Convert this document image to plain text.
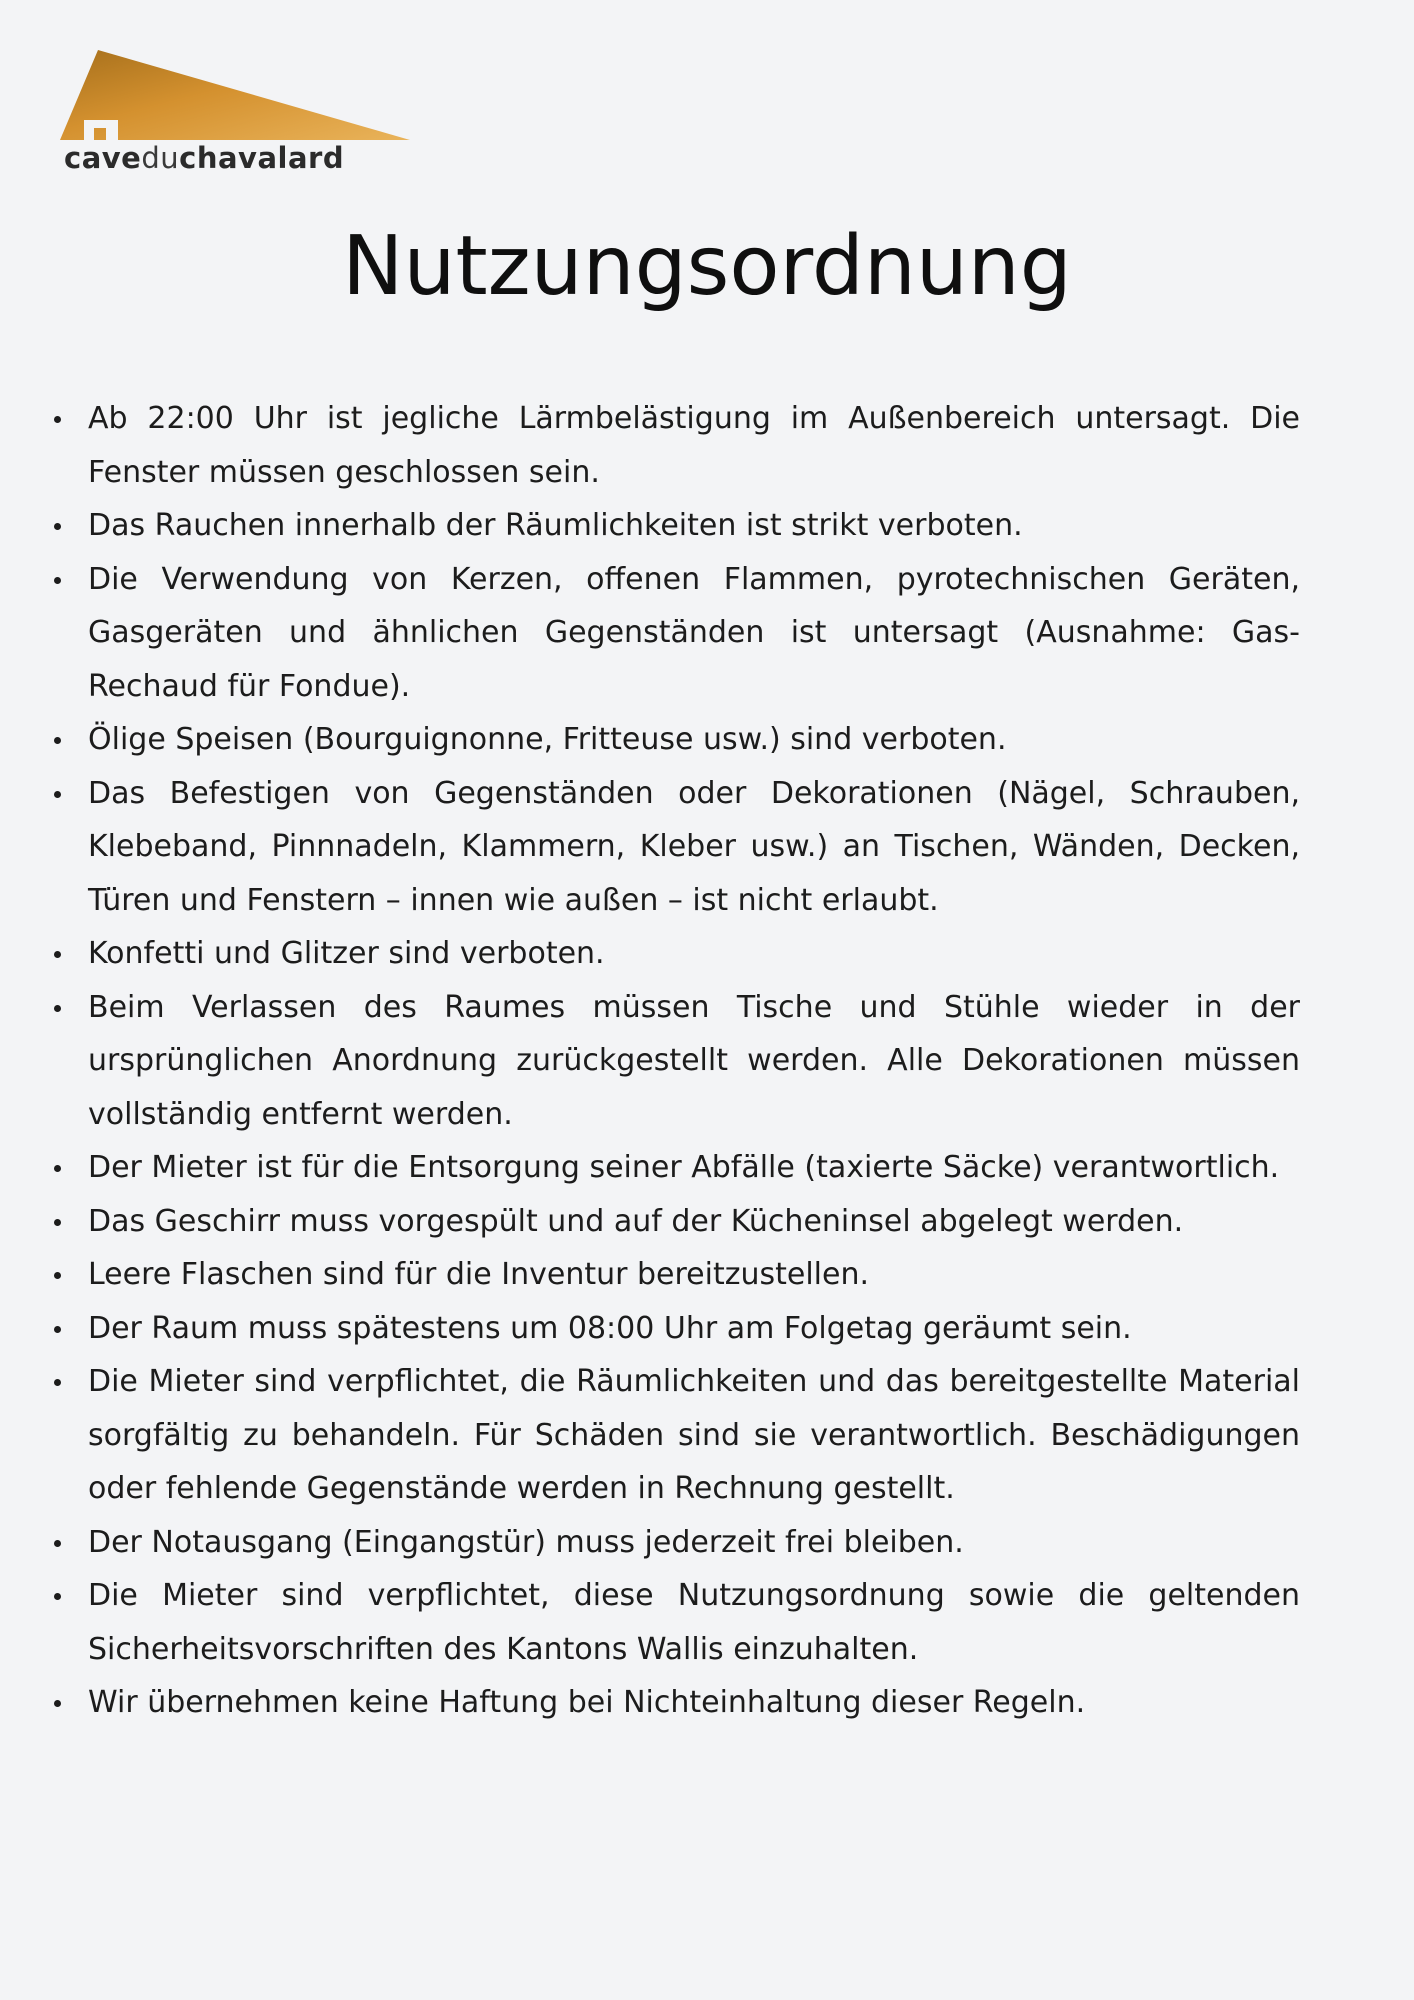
caveduchavalard
Nutzungsordnung
Ab 22:00 Uhr ist jegliche Lärmbelästigung im Außenbereich untersagt. Die Fenster müssen geschlossen sein.
Das Rauchen innerhalb der Räumlichkeiten ist strikt verboten.
Die Verwendung von Kerzen, offenen Flammen, pyrotechnischen Geräten, Gasgeräten und ähnlichen Gegenständen ist untersagt (Ausnahme: Gas-Rechaud für Fondue).
Ölige Speisen (Bourguignonne, Fritteuse usw.) sind verboten.
Das Befestigen von Gegenständen oder Dekorationen (Nägel, Schrauben, Klebeband, Pinnnadeln, Klammern, Kleber usw.) an Tischen, Wänden, Decken, Türen und Fenstern – innen wie außen – ist nicht erlaubt.
Konfetti und Glitzer sind verboten.
Beim Verlassen des Raumes müssen Tische und Stühle wieder in der ursprünglichen Anordnung zurückgestellt werden. Alle Dekorationen müssen vollständig entfernt werden.
Der Mieter ist für die Entsorgung seiner Abfälle (taxierte Säcke) verantwortlich.
Das Geschirr muss vorgespült und auf der Kücheninsel abgelegt werden.
Leere Flaschen sind für die Inventur bereitzustellen.
Der Raum muss spätestens um 08:00 Uhr am Folgetag geräumt sein.
Die Mieter sind verpflichtet, die Räumlichkeiten und das bereitgestellte Material sorgfältig zu behandeln. Für Schäden sind sie verantwortlich. Beschädigungen oder fehlende Gegenstände werden in Rechnung gestellt.
Der Notausgang (Eingangstür) muss jederzeit frei bleiben.
Die Mieter sind verpflichtet, diese Nutzungsordnung sowie die geltenden Sicherheitsvorschriften des Kantons Wallis einzuhalten.
Wir übernehmen keine Haftung bei Nichteinhaltung dieser Regeln.
